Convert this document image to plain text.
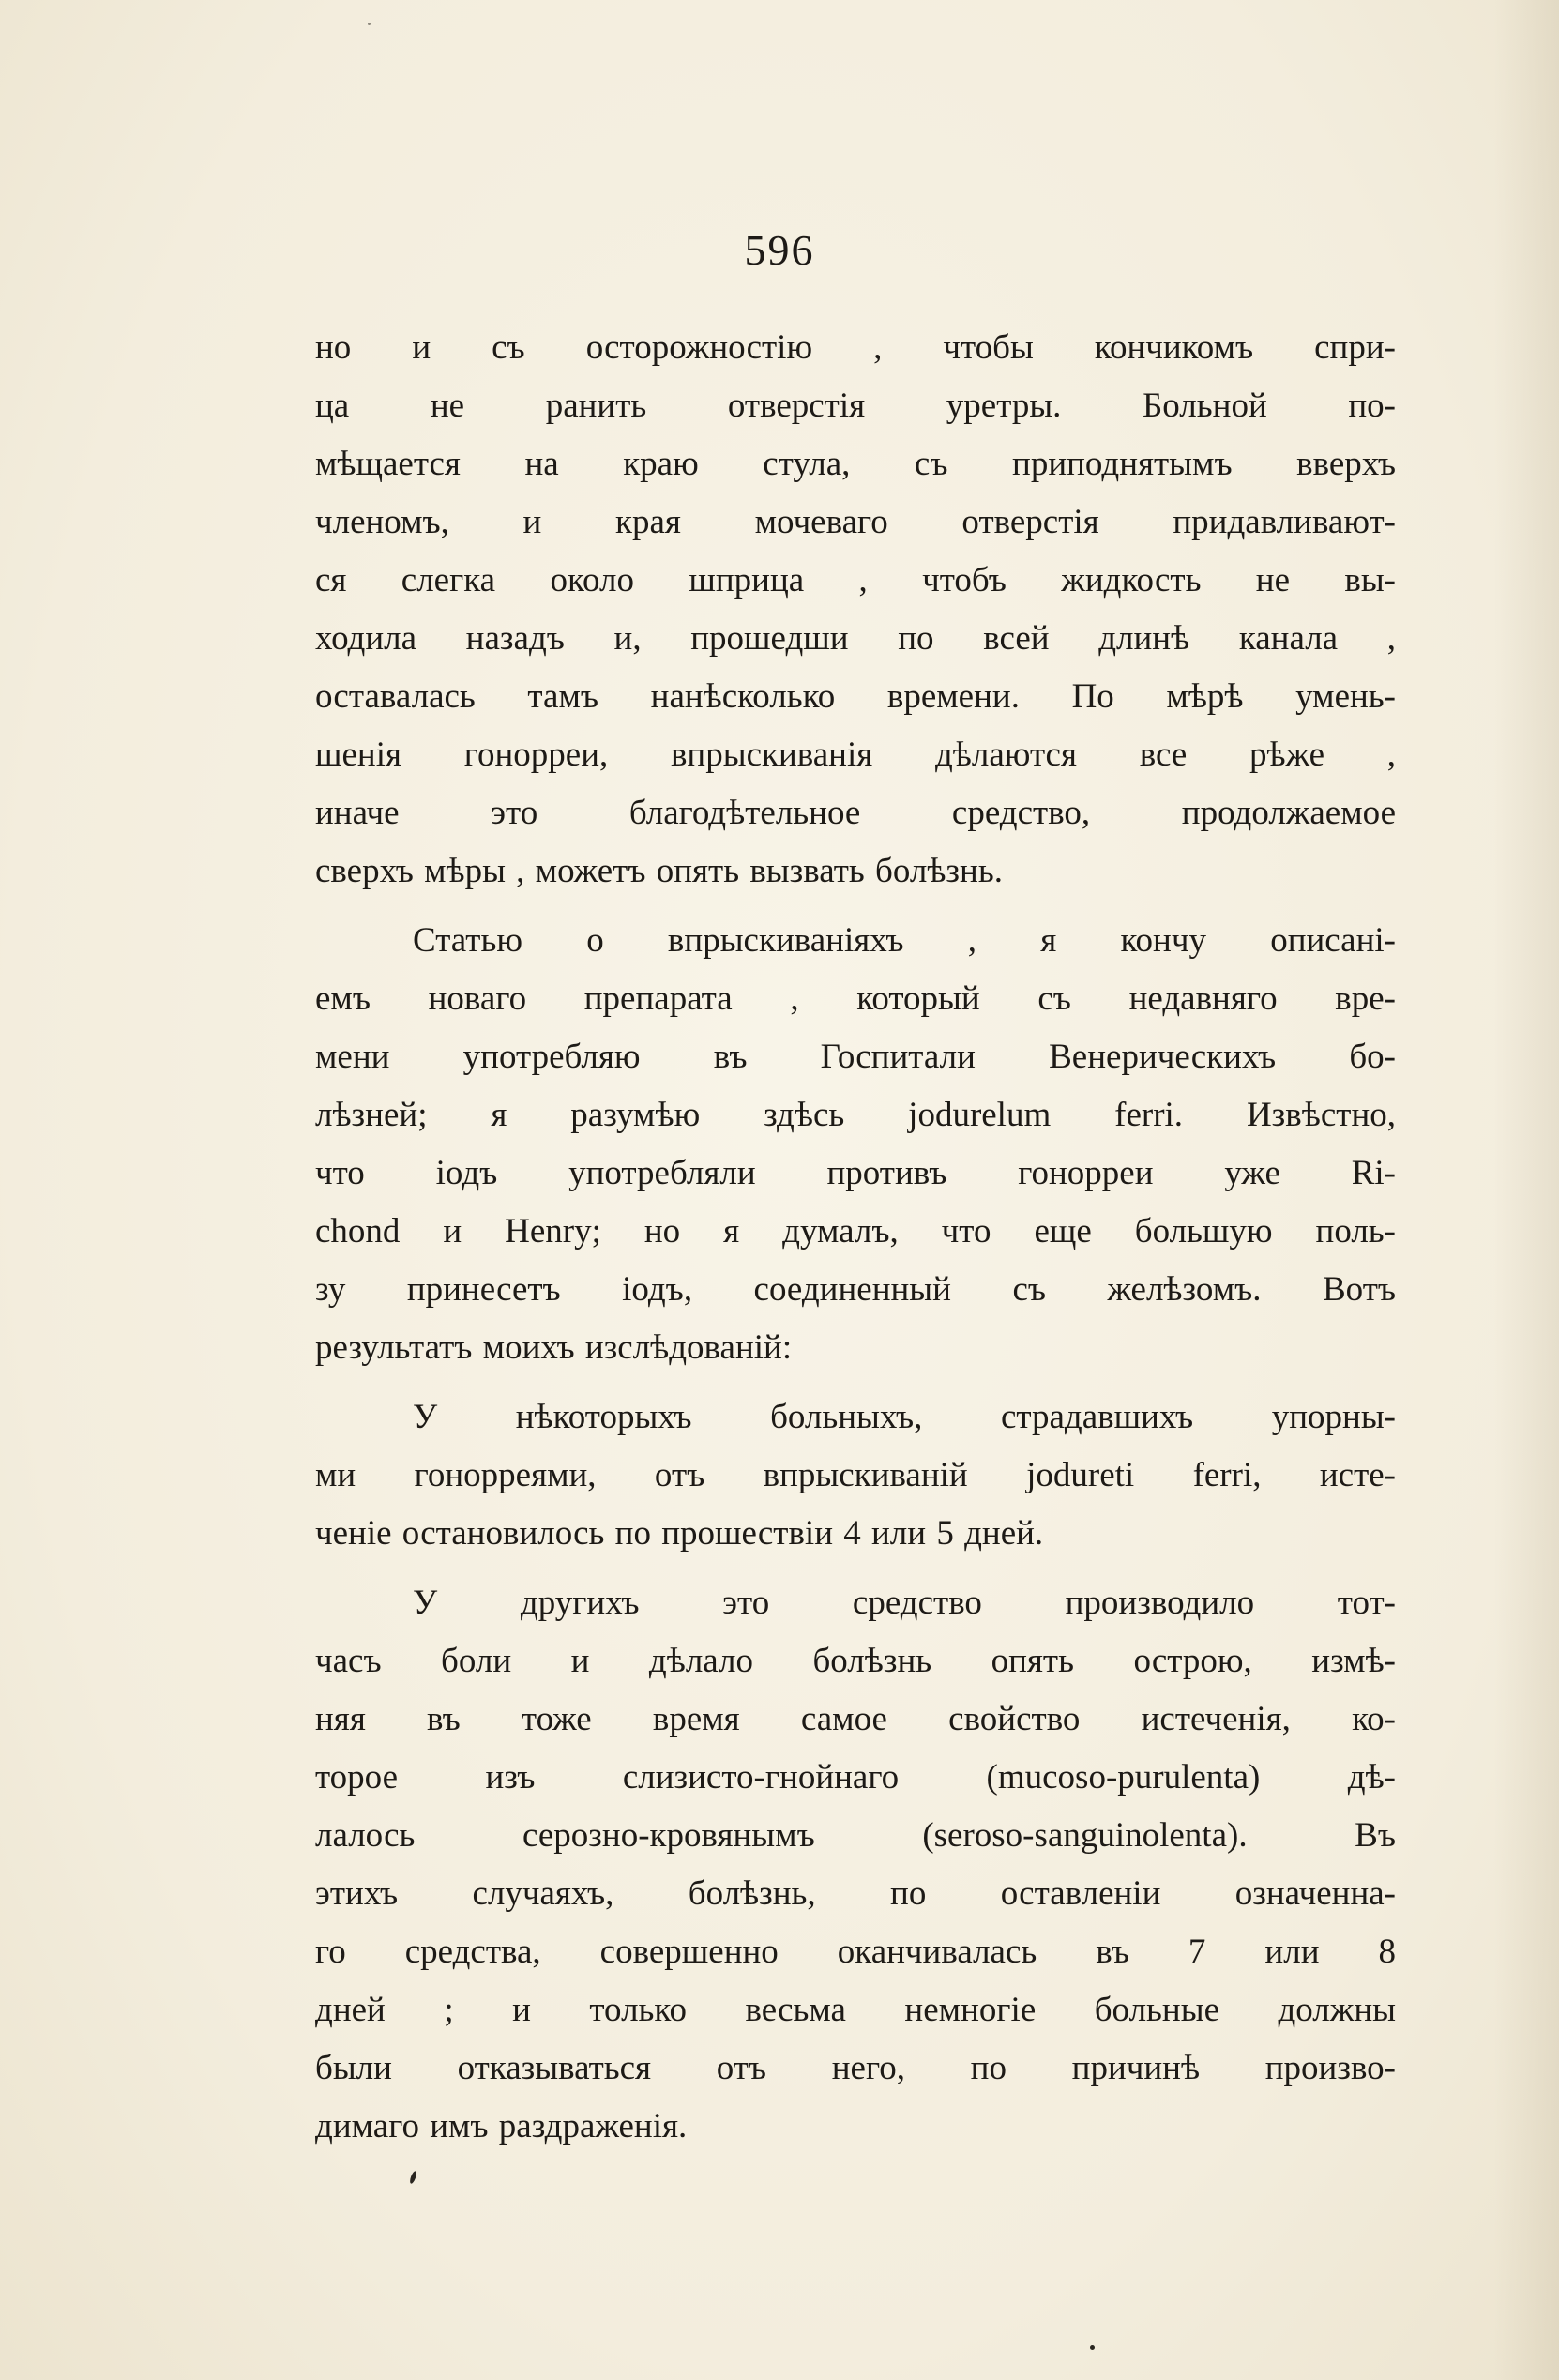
596
но и съ осторожностію , чтобы кончикомъ спри-
ца не ранить отверстія уретры. Больной по-
мѣщается на краю стула, съ приподнятымъ вверхъ
членомъ, и края мочеваго отверстія придавливают-
ся слегка около шприца , чтобъ жидкость не вы-
ходила назадъ и, прошедши по всей длинѣ канала ,
оставалась тамъ нанѣсколько времени. По мѣрѣ умень-
шенія гонорреи, впрыскиванія дѣлаются все рѣже ,
иначе это благодѣтельное средство, продолжаемое
сверхъ мѣры , можетъ опять вызвать болѣзнь.
Статью о впрыскиваніяхъ , я кончу описані-
емъ новаго препарата , который съ недавняго вре-
мени употребляю въ Госпитали Венерическихъ бо-
лѣзней; я разумѣю здѣсь jodurelum ferri. Извѣстно,
что іодъ употребляли противъ гонорреи уже Ri-
chond и Henry; но я думалъ, что еще большую поль-
зу принесетъ іодъ, соединенный съ желѣзомъ. Вотъ
результатъ моихъ изслѣдованій:
У нѣкоторыхъ больныхъ, страдавшихъ упорны-
ми гонорреями, отъ впрыскиваній jodureti ferri, исте-
ченіе остановилось по прошествіи 4 или 5 дней.
У другихъ это средство производило тот-
часъ боли и дѣлало болѣзнь опять острою, измѣ-
няя въ тоже время самое свойство истеченія, ко-
торое изъ слизисто-гнойнаго (mucoso-purulenta) дѣ-
лалось серозно-кровянымъ (seroso-sanguinolenta). Въ
этихъ случаяхъ, болѣзнь, по оставленіи означенна-
го средства, совершенно оканчивалась въ 7 или 8
дней ; и только весьма немногіе больные должны
были отказываться отъ него, по причинѣ произво-
димаго имъ раздраженія.
